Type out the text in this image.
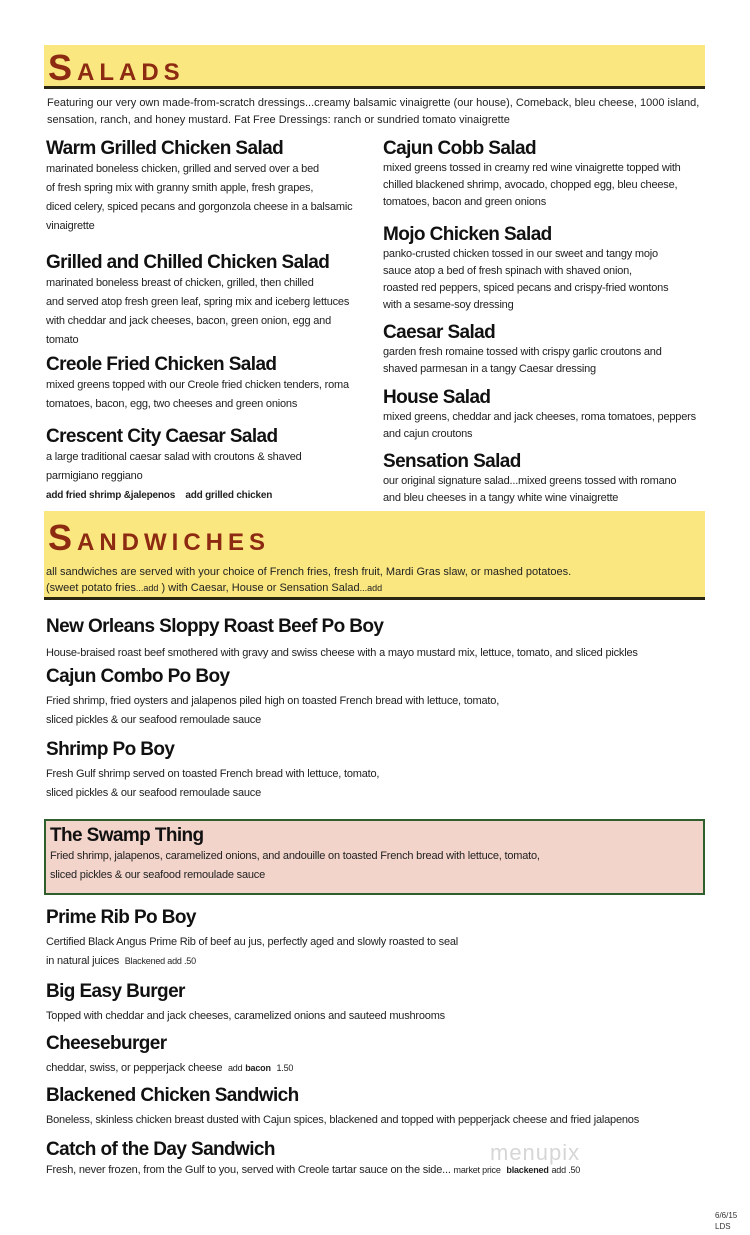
SALADS
Featuring our very own made-from-scratch dressings...creamy balsamic vinaigrette (our house), Comeback, bleu cheese, 1000 island,
sensation, ranch, and honey mustard. Fat Free Dressings: ranch or sundried tomato vinaigrette
Warm Grilled Chicken Salad
marinated boneless chicken, grilled and served over a bed
of fresh spring mix with granny smith apple, fresh grapes,
diced celery, spiced pecans and gorgonzola cheese in a balsamic
vinaigrette
Grilled and Chilled Chicken Salad
marinated boneless breast of chicken, grilled, then chilled
and served atop fresh green leaf, spring mix and iceberg lettuces
with cheddar and jack cheeses, bacon, green onion, egg and
tomato
Creole Fried Chicken Salad
mixed greens topped with our Creole fried chicken tenders, roma
tomatoes, bacon, egg, two cheeses and green onions
Crescent City Caesar Salad
a large traditional caesar salad with croutons & shaved
parmigiano reggiano
add fried shrimp &jalepenos    add grilled chicken
Cajun Cobb Salad
mixed greens tossed in creamy red wine vinaigrette topped with
chilled blackened shrimp, avocado, chopped egg, bleu cheese,
tomatoes, bacon and green onions
Mojo Chicken Salad
panko-crusted chicken tossed in our sweet and tangy mojo
sauce atop a bed of fresh spinach with shaved onion,
roasted red peppers, spiced pecans and crispy-fried wontons
with a sesame-soy dressing
Caesar Salad
garden fresh romaine tossed with crispy garlic croutons and
shaved parmesan in a tangy Caesar dressing
House Salad
mixed greens, cheddar and jack cheeses, roma tomatoes, peppers
and cajun croutons
Sensation Salad
our original signature salad...mixed greens tossed with romano
and bleu cheeses in a tangy white wine vinaigrette
SANDWICHES
all sandwiches are served with your choice of French fries, fresh fruit, Mardi Gras slaw, or mashed potatoes.
(sweet potato fries...add ) with Caesar, House or Sensation Salad...add
New Orleans Sloppy Roast Beef Po Boy
House-braised roast beef smothered with gravy and swiss cheese with a mayo mustard mix, lettuce, tomato, and sliced pickles
Cajun Combo Po Boy
Fried shrimp, fried oysters and jalapenos piled high on toasted French bread with lettuce, tomato,
sliced pickles & our seafood remoulade sauce
Shrimp Po Boy
Fresh Gulf shrimp served on toasted French bread with lettuce, tomato,
sliced pickles & our seafood remoulade sauce
The Swamp Thing
Fried shrimp, jalapenos, caramelized onions, and andouille on toasted French bread with lettuce, tomato,
sliced pickles & our seafood remoulade sauce
Prime Rib Po Boy
Certified Black Angus Prime Rib of beef au jus, perfectly aged and slowly roasted to seal
in natural juices Blackened add .50
Big Easy Burger
Topped with cheddar and jack cheeses, caramelized onions and sauteed mushrooms
Cheeseburger
cheddar, swiss, or pepperjack cheese add bacon 1.50
Blackened Chicken Sandwich
Boneless, skinless chicken breast dusted with Cajun spices, blackened and topped with pepperjack cheese and fried jalapenos
Catch of the Day Sandwich
Fresh, never frozen, from the Gulf to you, served with Creole tartar sauce on the side... market price blackened add .50
menupix
6/6/15
LDS
